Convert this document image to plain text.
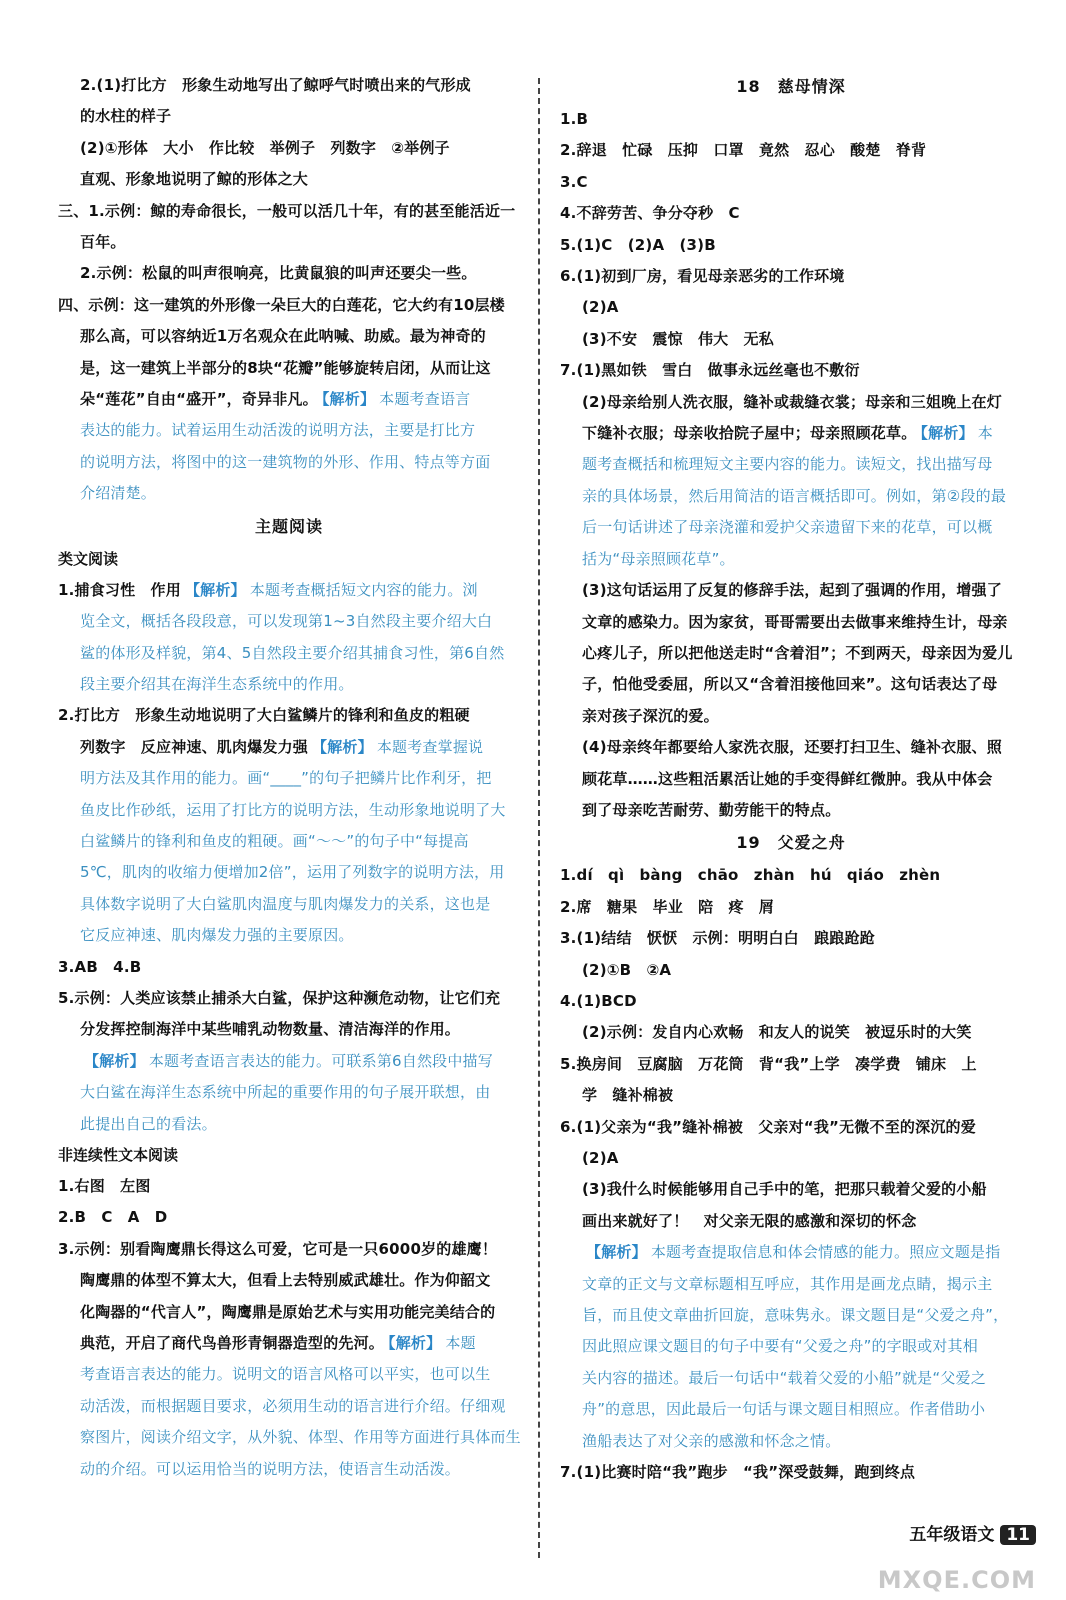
2.(1)打比方　形象生动地写出了鲸呼气时喷出来的气形成
的水柱的样子
(2)①形体　大小　作比较　举例子　列数字　②举例子
直观、形象地说明了鲸的形体之大
三、1.示例：鲸的寿命很长，一般可以活几十年，有的甚至能活近一
百年。
2.示例：松鼠的叫声很响亮，比黄鼠狼的叫声还要尖一些。
四、示例：这一建筑的外形像一朵巨大的白莲花，它大约有10层楼
那么高，可以容纳近1万名观众在此呐喊、助威。最为神奇的
是，这一建筑上半部分的8块“花瓣”能够旋转启闭，从而让这
朵“莲花”自由“盛开”，奇异非凡。 【解析】 本题考查语言
表达的能力。试着运用生动活泼的说明方法，主要是打比方
的说明方法，将图中的这一建筑物的外形、作用、特点等方面
介绍清楚。
主题阅读
类文阅读
1.捕食习性　作用 【解析】 本题考查概括短文内容的能力。浏
览全文，概括各段段意，可以发现第1~3自然段主要介绍大白
鲨的体形及样貌，第4、5自然段主要介绍其捕食习性，第6自然
段主要介绍其在海洋生态系统中的作用。
2.打比方　形象生动地说明了大白鲨鳞片的锋利和鱼皮的粗硬
列数字　反应神速、肌肉爆发力强 【解析】 本题考查掌握说
明方法及其作用的能力。画“____”的句子把鳞片比作利牙，把
鱼皮比作砂纸，运用了打比方的说明方法，生动形象地说明了大
白鲨鳞片的锋利和鱼皮的粗硬。画“～～”的句子中“每提高
5℃，肌肉的收缩力便增加2倍”，运用了列数字的说明方法，用
具体数字说明了大白鲨肌肉温度与肌肉爆发力的关系，这也是
它反应神速、肌肉爆发力强的主要原因。
3.AB　4.B
5.示例：人类应该禁止捕杀大白鲨，保护这种濒危动物，让它们充
分发挥控制海洋中某些哺乳动物数量、清洁海洋的作用。
【解析】 本题考查语言表达的能力。可联系第6自然段中描写
大白鲨在海洋生态系统中所起的重要作用的句子展开联想，由
此提出自己的看法。
非连续性文本阅读
1.右图　左图
2.B　C　A　D
3.示例：别看陶鹰鼎长得这么可爱，它可是一只6000岁的雄鹰！
陶鹰鼎的体型不算太大，但看上去特别威武雄壮。作为仰韶文
化陶器的“代言人”，陶鹰鼎是原始艺术与实用功能完美结合的
典范，开启了商代鸟兽形青铜器造型的先河。 【解析】 本题
考查语言表达的能力。说明文的语言风格可以平实，也可以生
动活泼，而根据题目要求，必须用生动的语言进行介绍。仔细观
察图片，阅读介绍文字，从外貌、体型、作用等方面进行具体而生
动的介绍。可以运用恰当的说明方法，使语言生动活泼。
18　慈母情深
1.B
2.辞退　忙碌　压抑　口罩　竟然　忍心　酸楚　脊背
3.C
4.不辞劳苦、争分夺秒　C
5.(1)C　(2)A　(3)B
6.(1)初到厂房，看见母亲恶劣的工作环境
(2)A
(3)不安　震惊　伟大　无私
7.(1)黑如铁　雪白　做事永远丝毫也不敷衍
(2)母亲给别人洗衣服，缝补或裁缝衣裳；母亲和三姐晚上在灯
下缝补衣服；母亲收拾院子屋中；母亲照顾花草。 【解析】 本
题考查概括和梳理短文主要内容的能力。读短文，找出描写母
亲的具体场景，然后用简洁的语言概括即可。例如，第②段的最
后一句话讲述了母亲浇灌和爱护父亲遗留下来的花草，可以概
括为“母亲照顾花草”。
(3)这句话运用了反复的修辞手法，起到了强调的作用，增强了
文章的感染力。因为家贫，哥哥需要出去做事来维持生计，母亲
心疼儿子，所以把他送走时“含着泪”；不到两天，母亲因为爱儿
子，怕他受委屈，所以又“含着泪接他回来”。这句话表达了母
亲对孩子深沉的爱。
(4)母亲终年都要给人家洗衣服，还要打扫卫生、缝补衣服、照
顾花草……这些粗活累活让她的手变得鲜红微肿。我从中体会
到了母亲吃苦耐劳、勤劳能干的特点。
19　父爱之舟
1.dí　qì　bàng　chāo　zhàn　hú　qiáo　zhèn
2.席　糖果　毕业　陪　疼　屑
3.(1)结结　恹恹　示例：明明白白　踉踉跄跄
(2)①B　②A
4.(1)BCD
(2)示例：发自内心欢畅　和友人的说笑　被逗乐时的大笑
5.换房间　豆腐脑　万花筒　背“我”上学　凑学费　铺床　上
学　缝补棉被
6.(1)父亲为“我”缝补棉被　父亲对“我”无微不至的深沉的爱
(2)A
(3)我什么时候能够用自己手中的笔，把那只载着父爱的小船
画出来就好了！　对父亲无限的感激和深切的怀念
【解析】 本题考查提取信息和体会情感的能力。照应文题是指
文章的正文与文章标题相互呼应，其作用是画龙点睛，揭示主
旨，而且使文章曲折回旋，意味隽永。课文题目是“父爱之舟”，
因此照应课文题目的句子中要有“父爱之舟”的字眼或对其相
关内容的描述。最后一句话中“载着父爱的小船”就是“父爱之
舟”的意思，因此最后一句话与课文题目相照应。作者借助小
渔船表达了对父亲的感激和怀念之情。
7.(1)比赛时陪“我”跑步　“我”深受鼓舞，跑到终点
五年级语文 11
MXQE.COM
